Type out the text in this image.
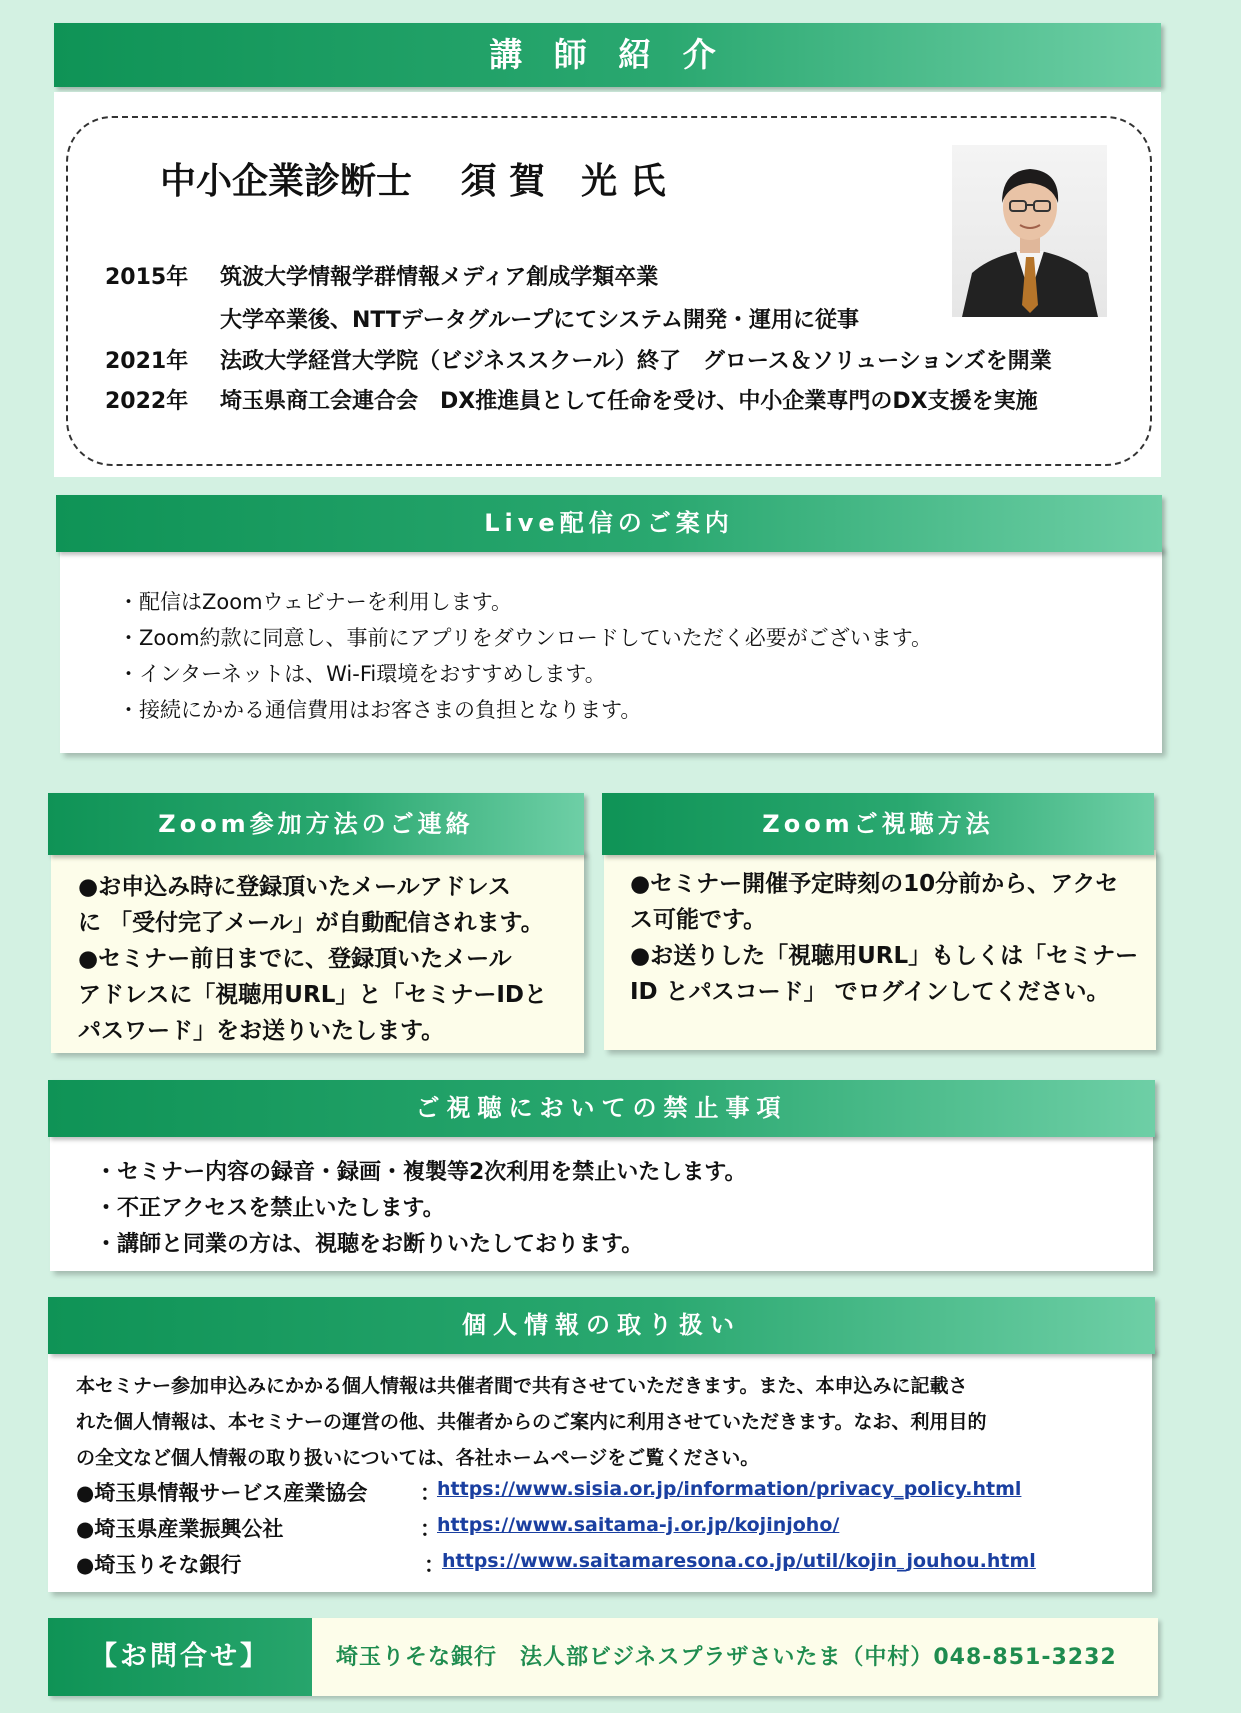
講 師 紹 介
中小企業診断士　 須 賀　光 氏
2015年 筑波大学情報学群情報メディア創成学類卒業
大学卒業後、NTTデータグループにてシステム開発・運用に従事
2021年 法政大学経営大学院（ビジネススクール）終了　グロース＆ソリューションズを開業
2022年 埼玉県商工会連合会　DX推進員として任命を受け、中小企業専門のDX支援を実施
Live配信のご案内
・配信はZoomウェビナーを利用します。
・Zoom約款に同意し、事前にアプリをダウンロードしていただく必要がございます。
・インターネットは、Wi-Fi環境をおすすめします。
・接続にかかる通信費用はお客さまの負担となります。
Zoom参加方法のご連絡
●お申込み時に登録頂いたメールアドレス
に 「受付完了メール」が自動配信されます。
●セミナー前日までに、登録頂いたメール
アドレスに「視聴用URL」と「セミナーIDと
パスワード」をお送りいたします。
Zoomご視聴方法
●セミナー開催予定時刻の10分前から、アクセ
ス可能です。
●お送りした「視聴用URL」もしくは「セミナー
ID とパスコード」 でログインしてください。
ご視聴においての禁止事項
・セミナー内容の録音・録画・複製等2次利用を禁止いたします。
・不正アクセスを禁止いたします。
・講師と同業の方は、視聴をお断りいたしております。
個人情報の取り扱い
本セミナー参加申込みにかかる個人情報は共催者間で共有させていただきます。また、本申込みに記載さ
れた個人情報は、本セミナーの運営の他、共催者からのご案内に利用させていただきます。なお、利用目的
の全文など個人情報の取り扱いについては、各社ホームページをご覧ください。
●埼玉県情報サービス産業協会	：
https://www.sisia.or.jp/information/privacy_policy.html
●埼玉県産業振興公社	：
https://www.saitama-j.or.jp/kojinjoho/
●埼玉りそな銀行	：
https://www.saitamaresona.co.jp/util/kojin_jouhou.html
【お問合せ】	埼玉りそな銀行　法人部ビジネスプラザさいたま（中村）048-851-3232
